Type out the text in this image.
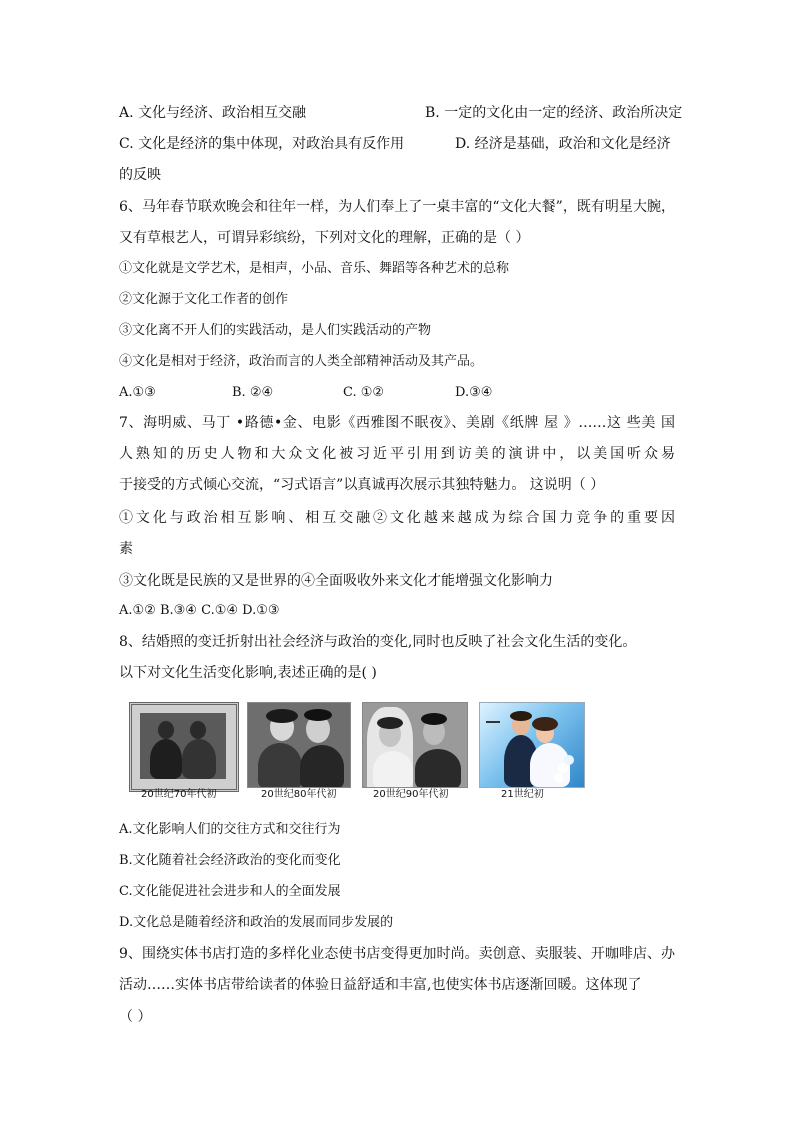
A. 文化与经济、政治相互交融	B. 一定的文化由一定的经济、政治所决定
C. 文化是经济的集中体现，对政治具有反作用	D. 经济是基础，政治和文化是经济
的反映
6、马年春节联欢晚会和往年一样，为人们奉上了一桌丰富的“文化大餐”，既有明星大腕，
又有草根艺人，可谓异彩缤纷，下列对文化的理解，正确的是（ ）
①文化就是文学艺术，是相声，小品、音乐、舞蹈等各种艺术的总称
②文化源于文化工作者的创作
③文化离不开人们的实践活动，是人们实践活动的产物
④文化是相对于经济，政治而言的人类全部精神活动及其产品。
A.①③	B. ②④	C. ①②	D.③④
7、海明威、马丁 •路德•金、电影《西雅图不眠夜》、美剧《纸牌 屋 》……这 些美 国
人熟知的历史人物和大众文化被习近平引用到访美的演讲中，以美国听众易
于接受的方式倾心交流，“习式语言”以真诚再次展示其独特魅力。 这说明（ ）
①文化与政治相互影响、相互交融②文化越来越成为综合国力竞争的重要因
素
③文化既是民族的又是世界的④全面吸收外来文化才能增强文化影响力
A.①② B.③④ C.①④ D.①③
8、结婚照的变迁折射出社会经济与政治的变化,同时也反映了社会文化生活的变化。
以下对文化生活变化影响,表述正确的是( )
20世纪70年代初	20世纪80年代初	20世纪90年代初	21世纪初
A.文化影响人们的交往方式和交往行为
B.文化随着社会经济政治的变化而变化
C.文化能促进社会进步和人的全面发展
D.文化总是随着经济和政治的发展而同步发展的
9、围绕实体书店打造的多样化业态使书店变得更加时尚。卖创意、卖服装、开咖啡店、办
活动……实体书店带给读者的体验日益舒适和丰富,也使实体书店逐渐回暖。这体现了
（ ）
